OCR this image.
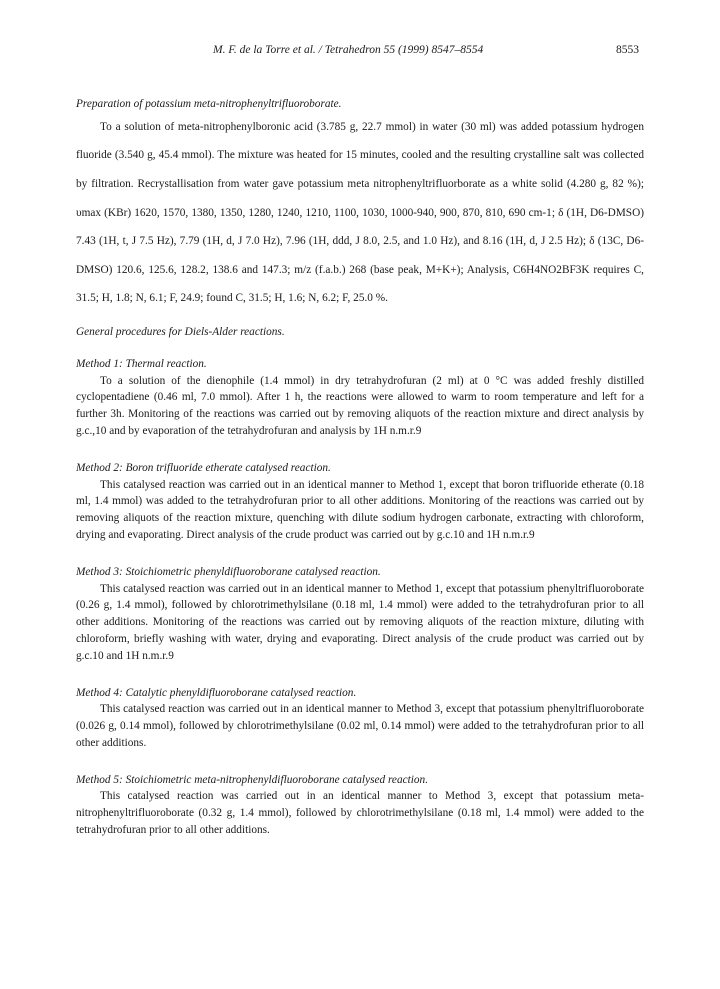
M. F. de la Torre et al. / Tetrahedron 55 (1999) 8547–8554	8553
Preparation of potassium meta-nitrophenyltrifluoroborate.
To a solution of meta-nitrophenylboronic acid (3.785 g, 22.7 mmol) in water (30 ml) was added potassium hydrogen fluoride (3.540 g, 45.4 mmol). The mixture was heated for 15 minutes, cooled and the resulting crystalline salt was collected by filtration. Recrystallisation from water gave potassium meta nitrophenyltrifluorborate as a white solid (4.280 g, 82 %); υmax (KBr) 1620, 1570, 1380, 1350, 1280, 1240, 1210, 1100, 1030, 1000-940, 900, 870, 810, 690 cm-1; δ (1H, D6-DMSO) 7.43 (1H, t, J 7.5 Hz), 7.79 (1H, d, J 7.0 Hz), 7.96 (1H, ddd, J 8.0, 2.5, and 1.0 Hz), and 8.16 (1H, d, J 2.5 Hz); δ (13C, D6-DMSO) 120.6, 125.6, 128.2, 138.6 and 147.3; m/z (f.a.b.) 268 (base peak, M+K+); Analysis, C6H4NO2BF3K requires C, 31.5; H, 1.8; N, 6.1; F, 24.9; found C, 31.5; H, 1.6; N, 6.2; F, 25.0 %.
General procedures for Diels-Alder reactions.
Method 1: Thermal reaction.
To a solution of the dienophile (1.4 mmol) in dry tetrahydrofuran (2 ml) at 0 °C was added freshly distilled cyclopentadiene (0.46 ml, 7.0 mmol). After 1 h, the reactions were allowed to warm to room temperature and left for a further 3h. Monitoring of the reactions was carried out by removing aliquots of the reaction mixture and direct analysis by g.c.,10 and by evaporation of the tetrahydrofuran and analysis by 1H n.m.r.9
Method 2: Boron trifluoride etherate catalysed reaction.
This catalysed reaction was carried out in an identical manner to Method 1, except that boron trifluoride etherate (0.18 ml, 1.4 mmol) was added to the tetrahydrofuran prior to all other additions. Monitoring of the reactions was carried out by removing aliquots of the reaction mixture, quenching with dilute sodium hydrogen carbonate, extracting with chloroform, drying and evaporating. Direct analysis of the crude product was carried out by g.c.10 and 1H n.m.r.9
Method 3: Stoichiometric phenyldifluoroborane catalysed reaction.
This catalysed reaction was carried out in an identical manner to Method 1, except that potassium phenyltrifluoroborate (0.26 g, 1.4 mmol), followed by chlorotrimethylsilane (0.18 ml, 1.4 mmol) were added to the tetrahydrofuran prior to all other additions. Monitoring of the reactions was carried out by removing aliquots of the reaction mixture, diluting with chloroform, briefly washing with water, drying and evaporating. Direct analysis of the crude product was carried out by g.c.10 and 1H n.m.r.9
Method 4: Catalytic phenyldifluoroborane catalysed reaction.
This catalysed reaction was carried out in an identical manner to Method 3, except that potassium phenyltrifluoroborate (0.026 g, 0.14 mmol), followed by chlorotrimethylsilane (0.02 ml, 0.14 mmol) were added to the tetrahydrofuran prior to all other additions.
Method 5: Stoichiometric meta-nitrophenyldifluoroborane catalysed reaction.
This catalysed reaction was carried out in an identical manner to Method 3, except that potassium meta-nitrophenyltrifluoroborate (0.32 g, 1.4 mmol), followed by chlorotrimethylsilane (0.18 ml, 1.4 mmol) were added to the tetrahydrofuran prior to all other additions.
